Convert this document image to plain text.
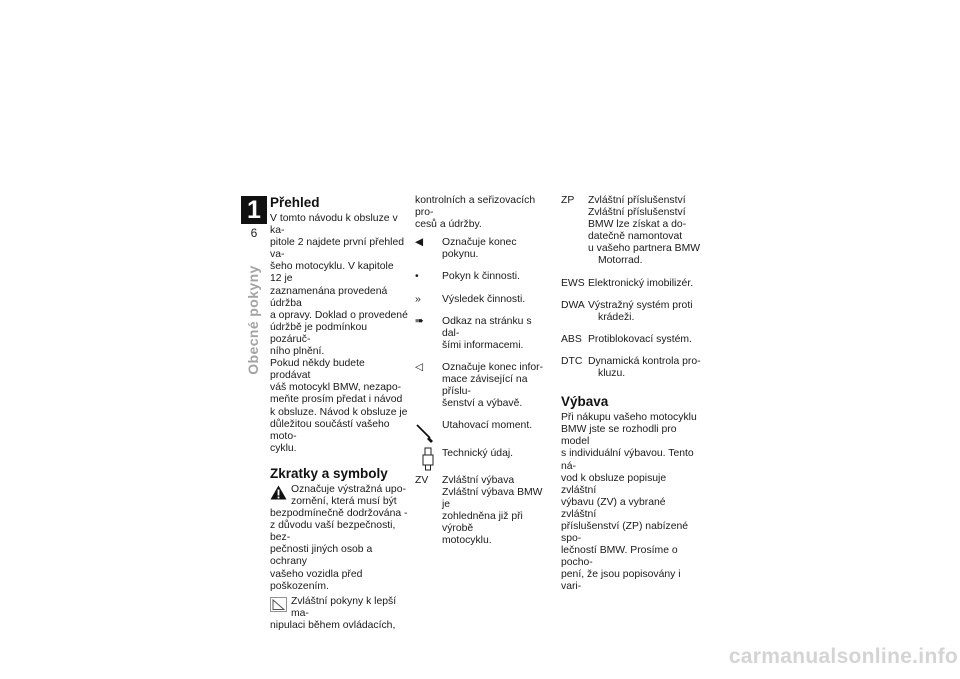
1
6
Obecné pokyny
Přehled

V tomto návodu k obsluze v ka-

pitole 2 najdete první přehled va-

šeho motocyklu. V kapitole 12 je

zaznamenána provedená údržba

a opravy. Doklad o provedené

údržbě je podmínkou pozáruč-

ního plnění.

Pokud někdy budete prodávat

váš motocykl BMW, nezapo-

meňte prosím předat i návod

k obsluze. Návod k obsluze je

důležitou součástí vašeho moto-

cyklu.

Zkratky a symboly

Označuje výstražná upo-

zornění, která musí být

bezpodmínečně dodržována -

z důvodu vaší bezpečnosti, bez-

pečnosti jiných osob a ochrany

vašeho vozidla před poškozením.

Zvláštní pokyny k lepší ma-

nipulaci během ovládacích,

kontrolních a seřizovacích pro-

cesů a údržby.

◀	Označuje konec pokynu.

•	Pokyn k činnosti.

»	Výsledek činnosti.

➠	Odkaz na stránku s dal-

šími informacemi.

◁	Označuje konec infor-

mace závisející na příslu-

šenství a výbavě.

Utahovací moment.

Technický údaj.

ZV Zvláštní výbava

Zvláštní výbava BMW je

zohledněna již při výrobě

motocyklu.

ZP Zvláštní příslušenství

Zvláštní příslušenství

BMW lze získat a do-

datečně namontovat

u vašeho partnera BMW

Motorrad.

EWS Elektronický imobilizér.

DWA Výstražný systém proti

krádeži.

ABS Protiblokovací systém.

DTC Dynamická kontrola pro-

kluzu.

Výbava

Při nákupu vašeho motocyklu

BMW jste se rozhodli pro model

s individuální výbavou. Tento ná-

vod k obsluze popisuje zvláštní

výbavu (ZV) a vybrané zvláštní

příslušenství (ZP) nabízené spo-

lečností BMW. Prosíme o pocho-

pení, že jsou popisovány i vari-

carmanualsonline.info
